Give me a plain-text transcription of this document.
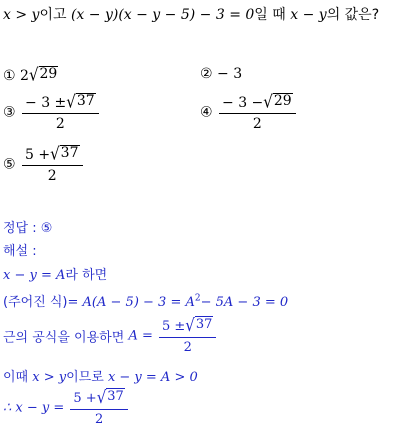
x > y이고 (x − y)(x − y − 5) − 3 = 0일 때 x − y의 값은?
① 2 √ 29	② − 3
③ $\frac{- 3 \pm √ 37}{2}$	④ $\frac{- 3 - √ 29}{2}$
⑤ $\frac{5 + √ 37}{2}$
정답 : ⑤
해설 :
x − y = A라 하면
(주어진 식)= $A(A - 5) - 3 = A^2- 5A - 3 = 0$
근의 공식을 이용하면 $A = \frac{5 \pm √ 37}{2}$
이때 x > y이므로 x − y = A > 0
∴ $x - y = \frac{5 + √ 37}{2}$
